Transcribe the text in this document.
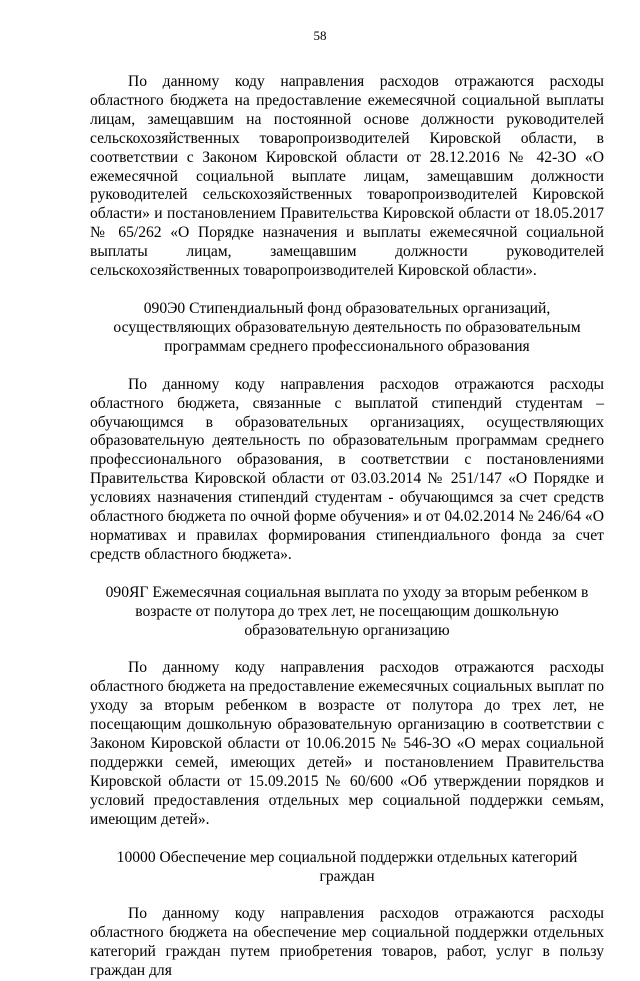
58

По данному коду направления расходов отражаются расходы областного бюджета на предоставление ежемесячной социальной выплаты лицам, замещавшим на постоянной основе должности руководителей сельскохозяйственных товаропроизводителей Кировской области, в соответствии с Законом Кировской области от 28.12.2016 № 42-ЗО «О ежемесячной социальной выплате лицам, замещавшим должности руководителей сельскохозяйственных товаропроизводителей Кировской области» и постановлением Правительства Кировской области от 18.05.2017 № 65/262 «О Порядке назначения и выплаты ежемесячной социальной выплаты лицам, замещавшим должности руководителей сельскохозяйственных товаропроизводителей Кировской области».

090Э0 Стипендиальный фонд образовательных организаций, осуществляющих образовательную деятельность по образовательным программам среднего профессионального образования

По данному коду направления расходов отражаются расходы областного бюджета, связанные с выплатой стипендий студентам – обучающимся в образовательных организациях, осуществляющих образовательную деятельность по образовательным программам среднего профессионального образования, в соответствии с постановлениями Правительства Кировской области от 03.03.2014 № 251/147 «О Порядке и условиях назначения стипендий студентам - обучающимся за счет средств областного бюджета по очной форме обучения» и от 04.02.2014 № 246/64 «О нормативах и правилах формирования стипендиального фонда за счет средств областного бюджета».

090ЯГ Ежемесячная социальная выплата по уходу за вторым ребенком в возрасте от полутора до трех лет, не посещающим дошкольную образовательную организацию

По данному коду направления расходов отражаются расходы областного бюджета на предоставление ежемесячных социальных выплат по уходу за вторым ребенком в возрасте от полутора до трех лет, не посещающим дошкольную образовательную организацию в соответствии с Законом Кировской области от 10.06.2015 № 546-ЗО «О мерах социальной поддержки семей, имеющих детей» и постановлением Правительства Кировской области от 15.09.2015 № 60/600 «Об утверждении порядков и условий предоставления отдельных мер социальной поддержки семьям, имеющим детей».

10000 Обеспечение мер социальной поддержки отдельных категорий граждан

По данному коду направления расходов отражаются расходы областного бюджета на обеспечение мер социальной поддержки отдельных категорий граждан путем приобретения товаров, работ, услуг в пользу граждан для
